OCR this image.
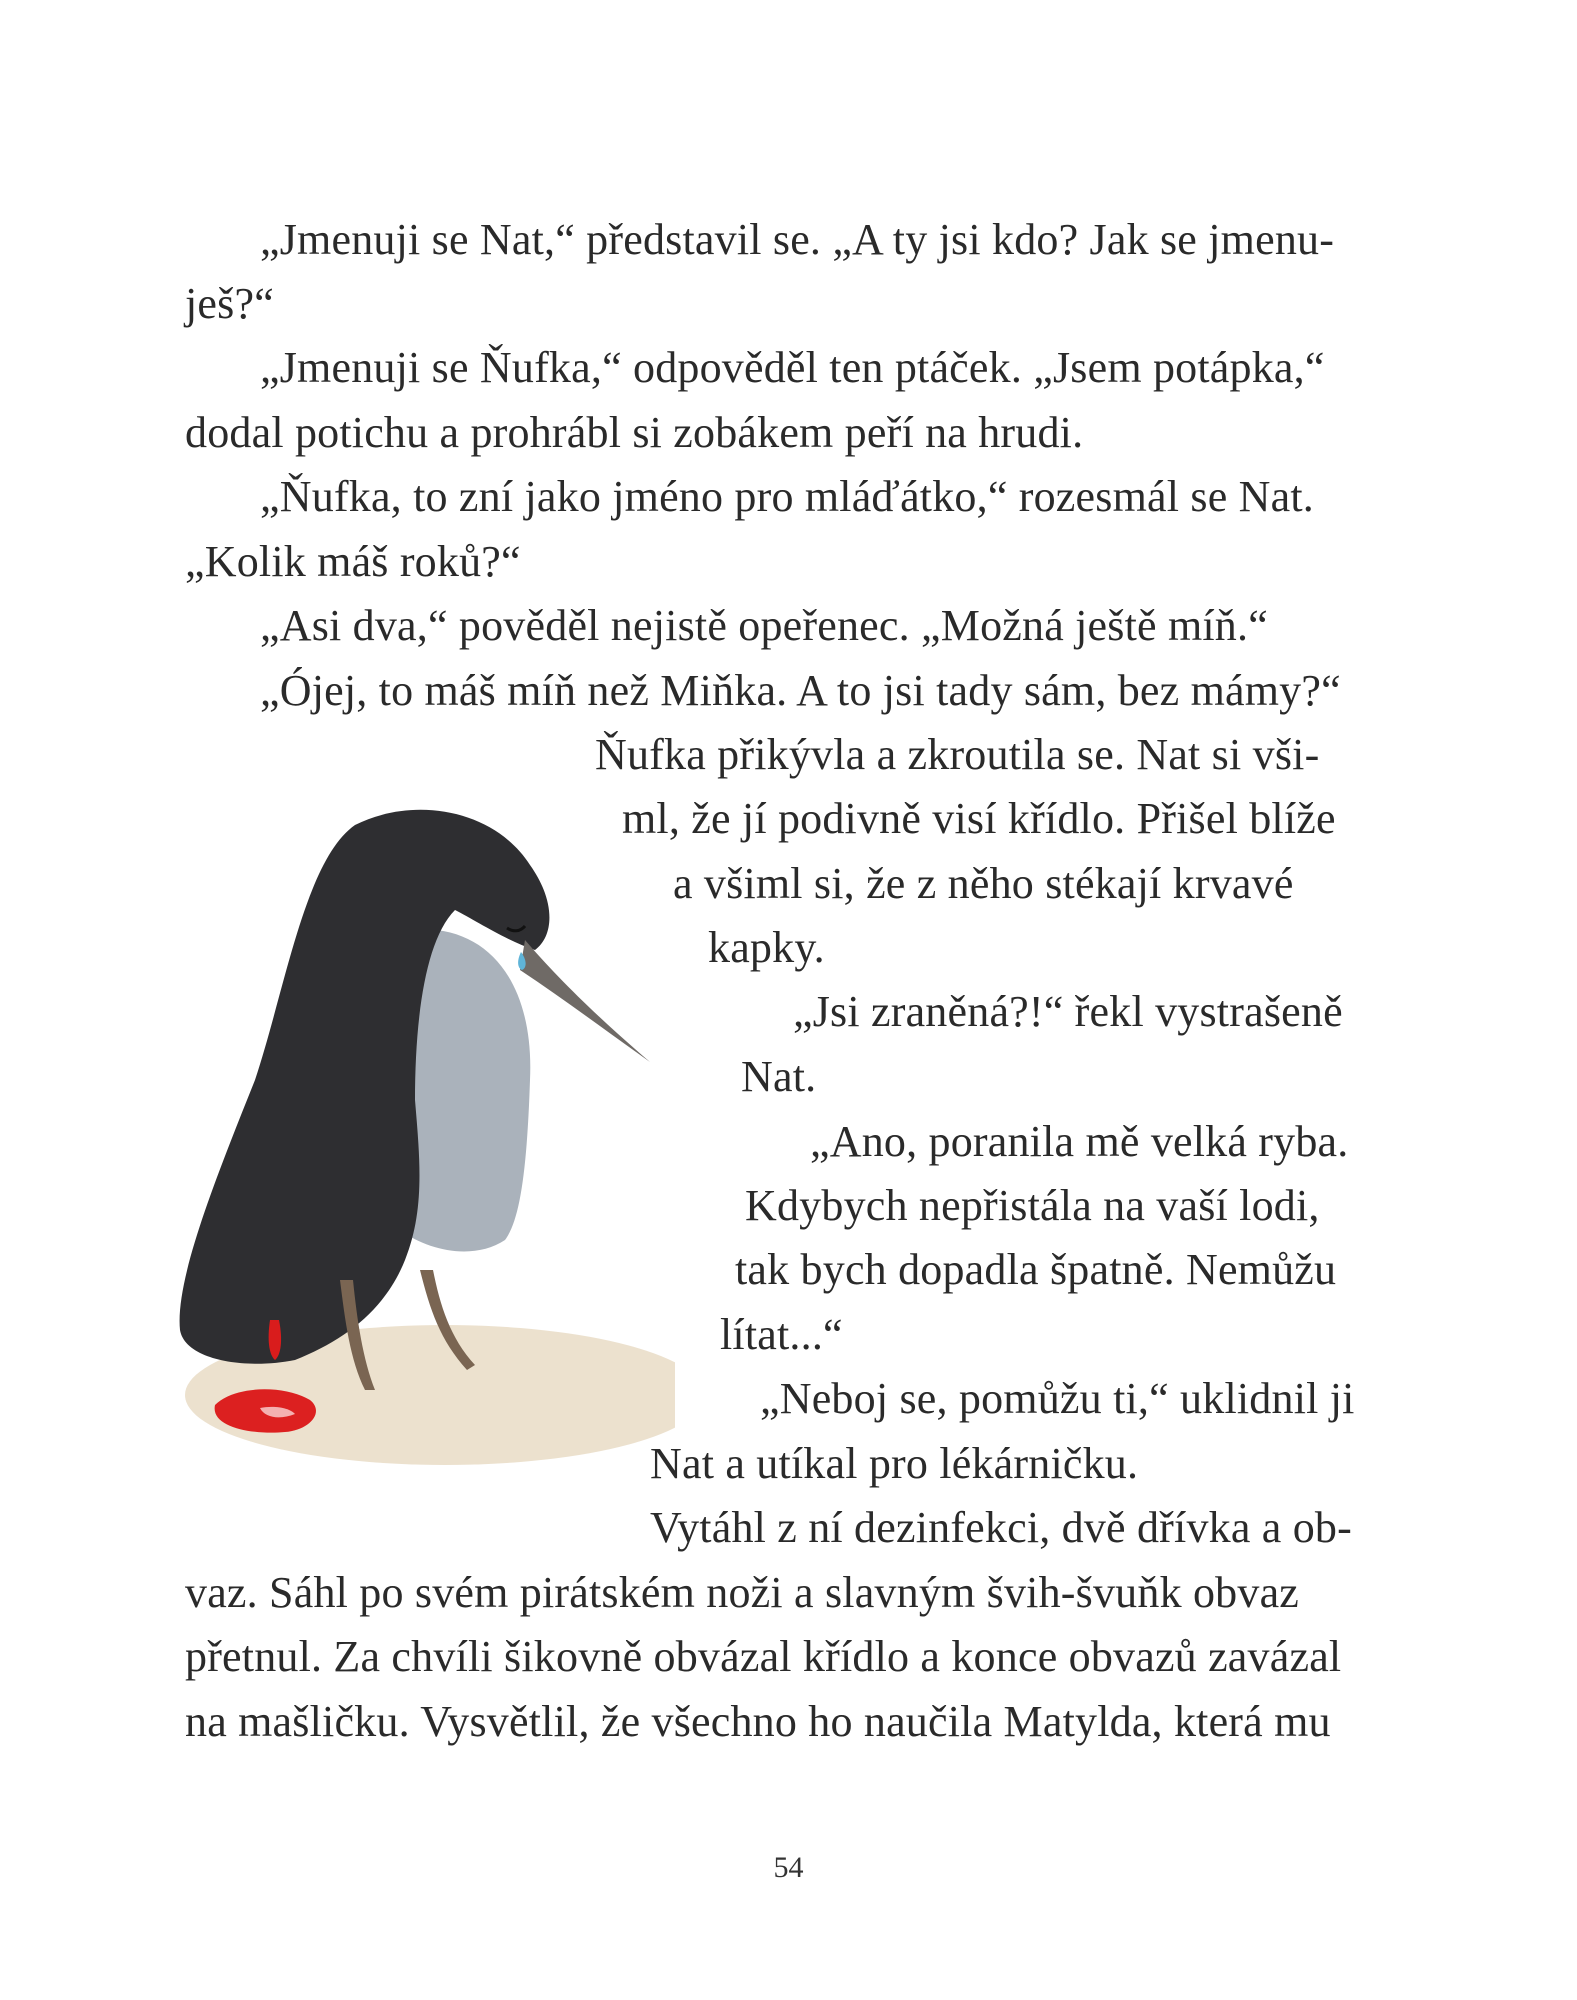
„Jmenuji se Nat,“ představil se. „A ty jsi kdo? Jak se jmenu-
ješ?“
„Jmenuji se Ňufka,“ odpověděl ten ptáček. „Jsem potápka,“
dodal potichu a prohrábl si zobákem peří na hrudi.
„Ňufka, to zní jako jméno pro mláďátko,“ rozesmál se Nat.
„Kolik máš roků?“
„Asi dva,“ pověděl nejistě opeřenec. „Možná ještě míň.“
„Ójej, to máš míň než Miňka. A to jsi tady sám, bez mámy?“
Ňufka přikývla a zkroutila se. Nat si vši-
ml, že jí podivně visí křídlo. Přišel blíže
a všiml si, že z něho stékají krvavé
kapky.
„Jsi zraněná?!“ řekl vystrašeně
Nat.
„Ano, poranila mě velká ryba.
Kdybych nepřistála na vaší lodi,
tak bych dopadla špatně. Nemůžu
lítat...“
„Neboj se, pomůžu ti,“ uklidnil ji
Nat a utíkal pro lékárničku.
Vytáhl z ní dezinfekci, dvě dřívka a ob-
vaz. Sáhl po svém pirátském noži a slavným švih-švuňk obvaz
přetnul. Za chvíli šikovně obvázal křídlo a konce obvazů zavázal
na mašličku. Vysvětlil, že všechno ho naučila Matylda, která mu
54
